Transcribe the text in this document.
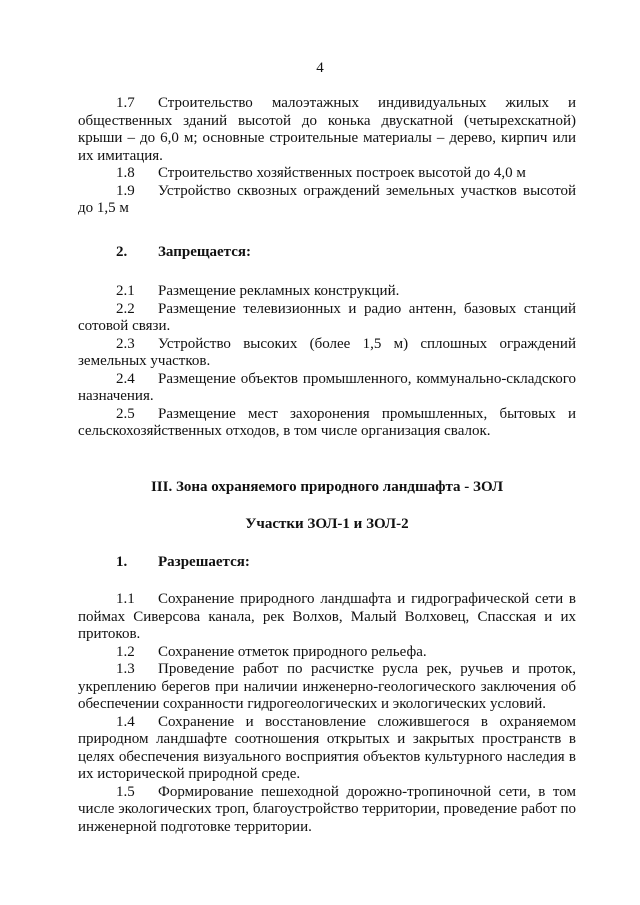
4

1.7 Строительство малоэтажных индивидуальных жилых и общественных зданий высотой до конька двускатной (четырехскатной) крыши – до 6,0 м; основные строительные материалы – дерево, кирпич или их имитация.

1.8 Строительство хозяйственных построек высотой до 4,0 м

1.9 Устройство сквозных ограждений земельных участков высотой до 1,5 м

2. Запрещается:

2.1 Размещение рекламных конструкций.

2.2 Размещение телевизионных и радио антенн, базовых станций сотовой связи.

2.3 Устройство высоких (более 1,5 м) сплошных ограждений земельных участков.

2.4 Размещение объектов промышленного, коммунально-складского назначения.

2.5 Размещение мест захоронения промышленных, бытовых и сельскохозяйственных отходов, в том числе организация свалок.

III. Зона охраняемого природного ландшафта - ЗОЛ

Участки ЗОЛ-1 и ЗОЛ-2

1. Разрешается:

1.1 Сохранение природного ландшафта и гидрографической сети в поймах Сиверсова канала, рек Волхов, Малый Волховец, Спасская и их притоков.

1.2 Сохранение отметок природного рельефа.

1.3 Проведение работ по расчистке русла рек, ручьев и проток, укреплению берегов при наличии инженерно-геологического заключения об обеспечении сохранности гидрогеологических и экологических условий.

1.4 Сохранение и восстановление сложившегося в охраняемом природном ландшафте соотношения открытых и закрытых пространств в целях обеспечения визуального восприятия объектов культурного наследия в их исторической природной среде.

1.5 Формирование пешеходной дорожно-тропиночной сети, в том числе экологических троп, благоустройство территории, проведение работ по инженерной подготовке территории.
